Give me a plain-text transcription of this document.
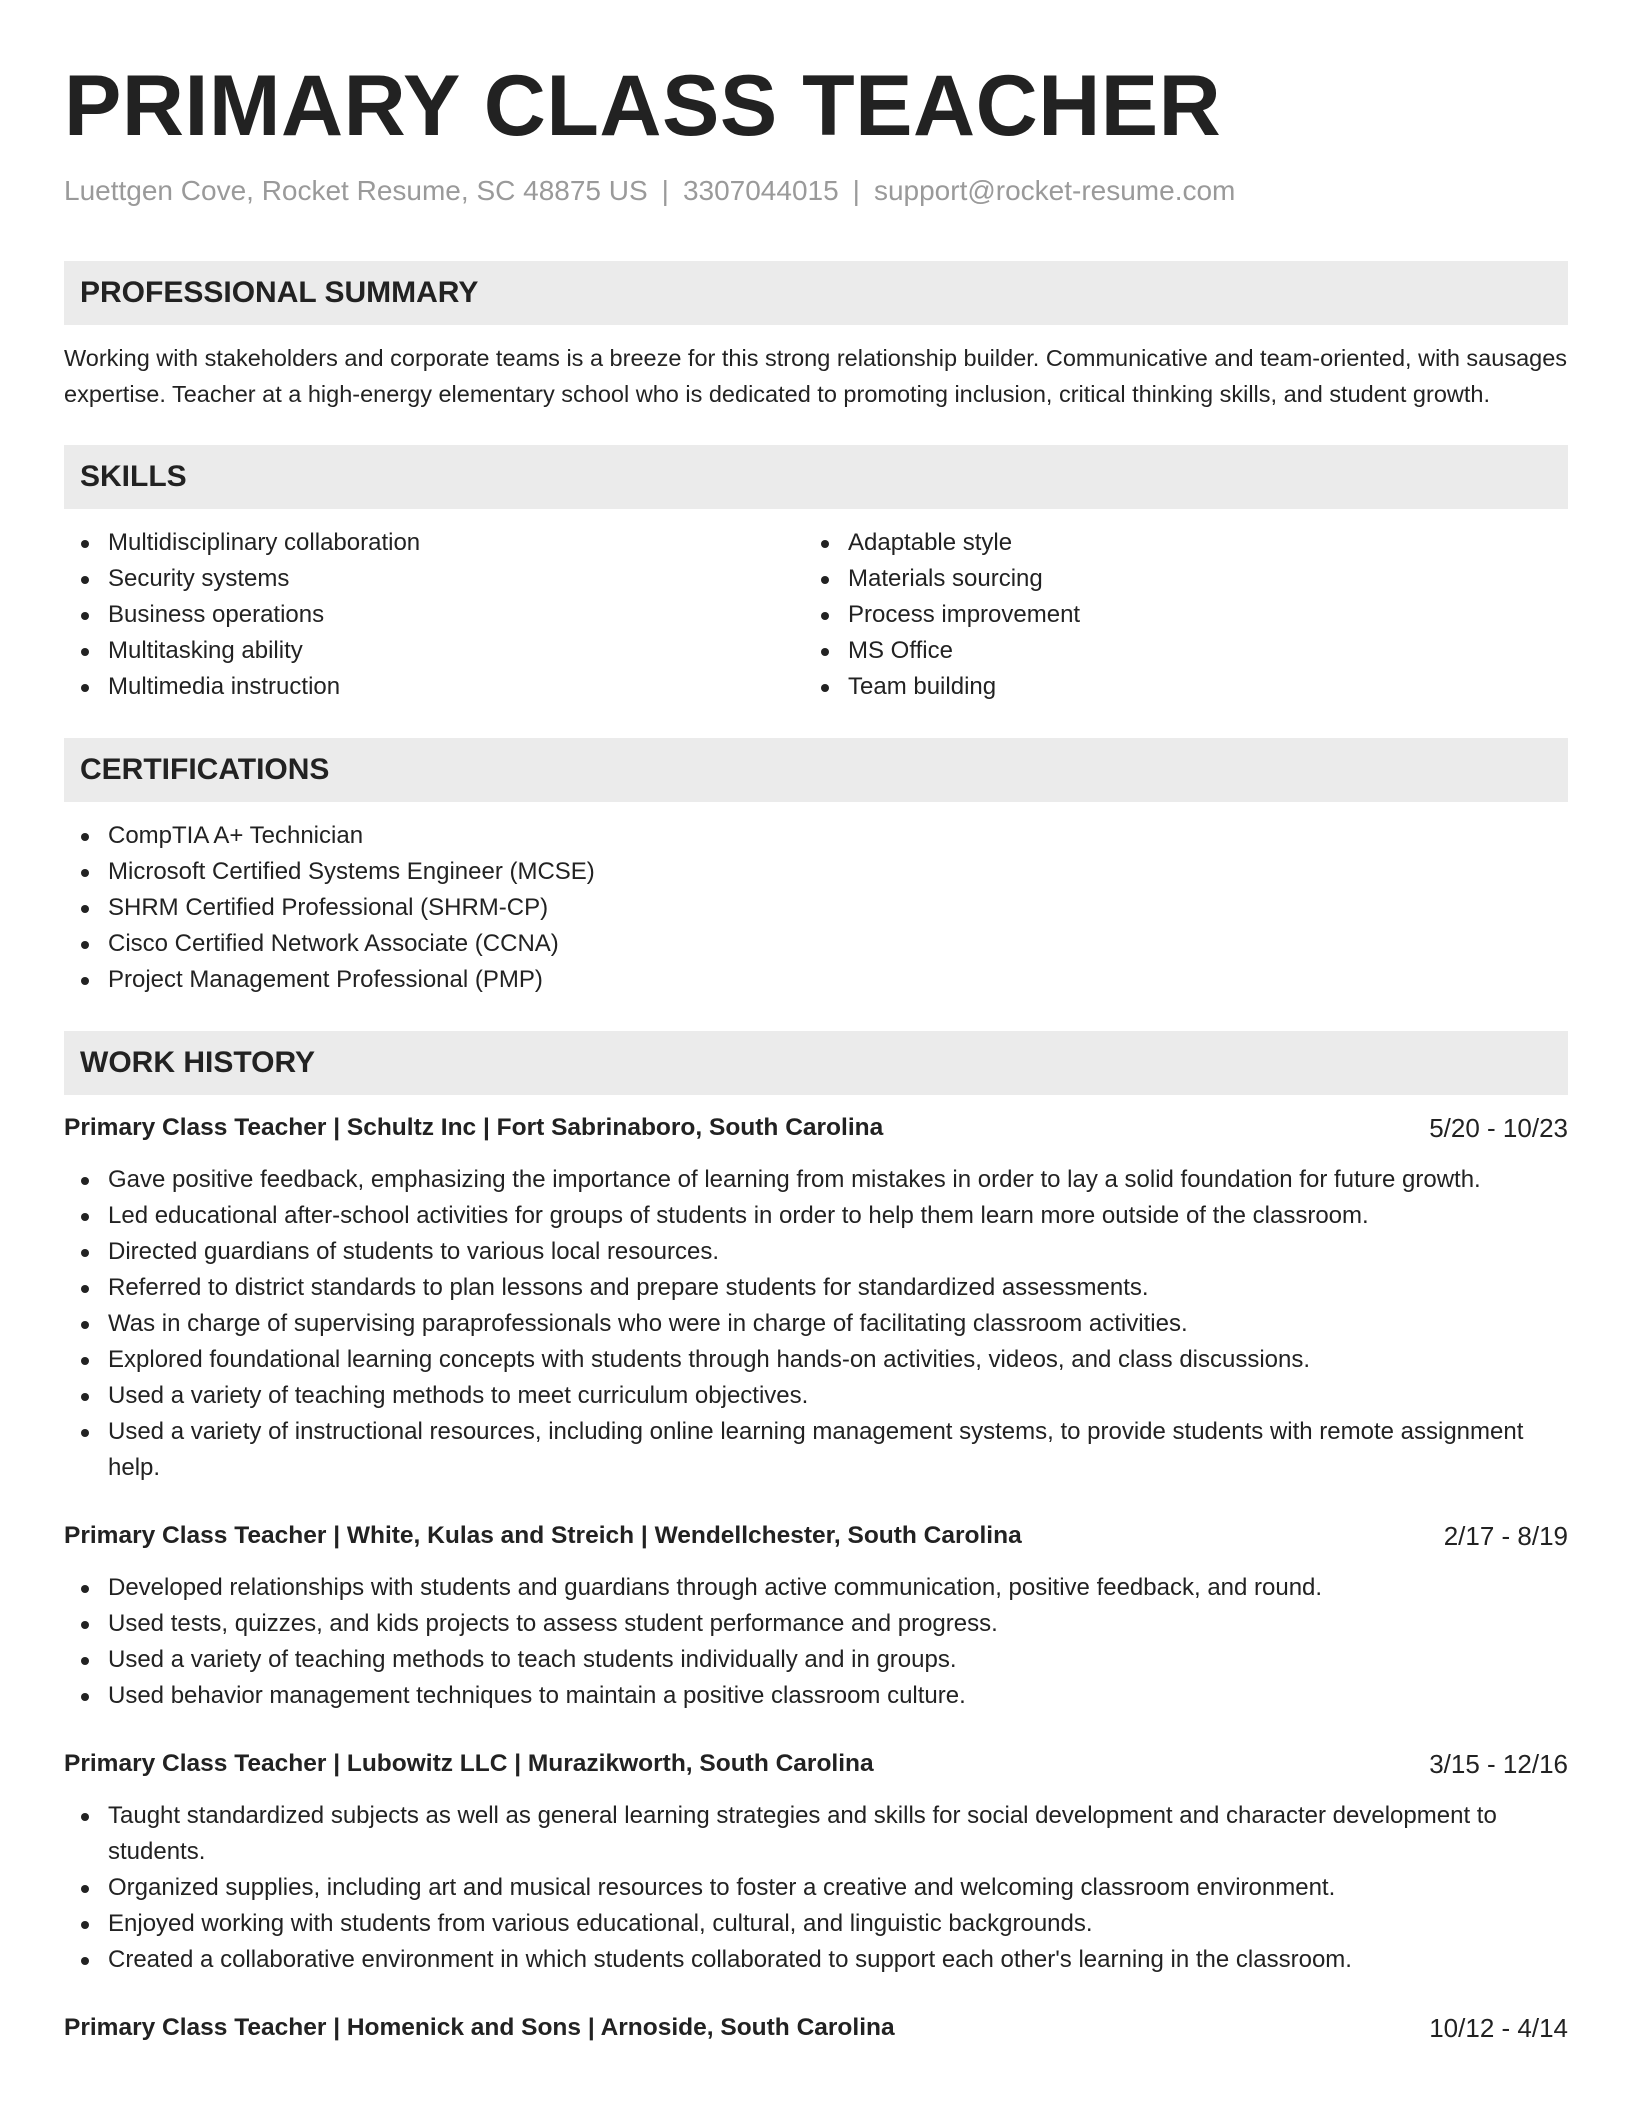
PRIMARY CLASS TEACHER
Luettgen Cove, Rocket Resume, SC 48875 US | 3307044015 | support@rocket-resume.com
PROFESSIONAL SUMMARY
Working with stakeholders and corporate teams is a breeze for this strong relationship builder. Communicative and team-oriented, with sausages expertise. Teacher at a high-energy elementary school who is dedicated to promoting inclusion, critical thinking skills, and student growth.
SKILLS
Multidisciplinary collaboration
Security systems
Business operations
Multitasking ability
Multimedia instruction
Adaptable style
Materials sourcing
Process improvement
MS Office
Team building
CERTIFICATIONS
CompTIA A+ Technician
Microsoft Certified Systems Engineer (MCSE)
SHRM Certified Professional (SHRM-CP)
Cisco Certified Network Associate (CCNA)
Project Management Professional (PMP)
WORK HISTORY
Primary Class Teacher | Schultz Inc | Fort Sabrinaboro, South Carolina	5/20 - 10/23
Gave positive feedback, emphasizing the importance of learning from mistakes in order to lay a solid foundation for future growth.
Led educational after-school activities for groups of students in order to help them learn more outside of the classroom.
Directed guardians of students to various local resources.
Referred to district standards to plan lessons and prepare students for standardized assessments.
Was in charge of supervising paraprofessionals who were in charge of facilitating classroom activities.
Explored foundational learning concepts with students through hands-on activities, videos, and class discussions.
Used a variety of teaching methods to meet curriculum objectives.
Used a variety of instructional resources, including online learning management systems, to provide students with remote assignment help.
Primary Class Teacher | White, Kulas and Streich | Wendellchester, South Carolina	2/17 - 8/19
Developed relationships with students and guardians through active communication, positive feedback, and round.
Used tests, quizzes, and kids projects to assess student performance and progress.
Used a variety of teaching methods to teach students individually and in groups.
Used behavior management techniques to maintain a positive classroom culture.
Primary Class Teacher | Lubowitz LLC | Murazikworth, South Carolina	3/15 - 12/16
Taught standardized subjects as well as general learning strategies and skills for social development and character development to students.
Organized supplies, including art and musical resources to foster a creative and welcoming classroom environment.
Enjoyed working with students from various educational, cultural, and linguistic backgrounds.
Created a collaborative environment in which students collaborated to support each other's learning in the classroom.
Primary Class Teacher | Homenick and Sons | Arnoside, South Carolina	10/12 - 4/14
